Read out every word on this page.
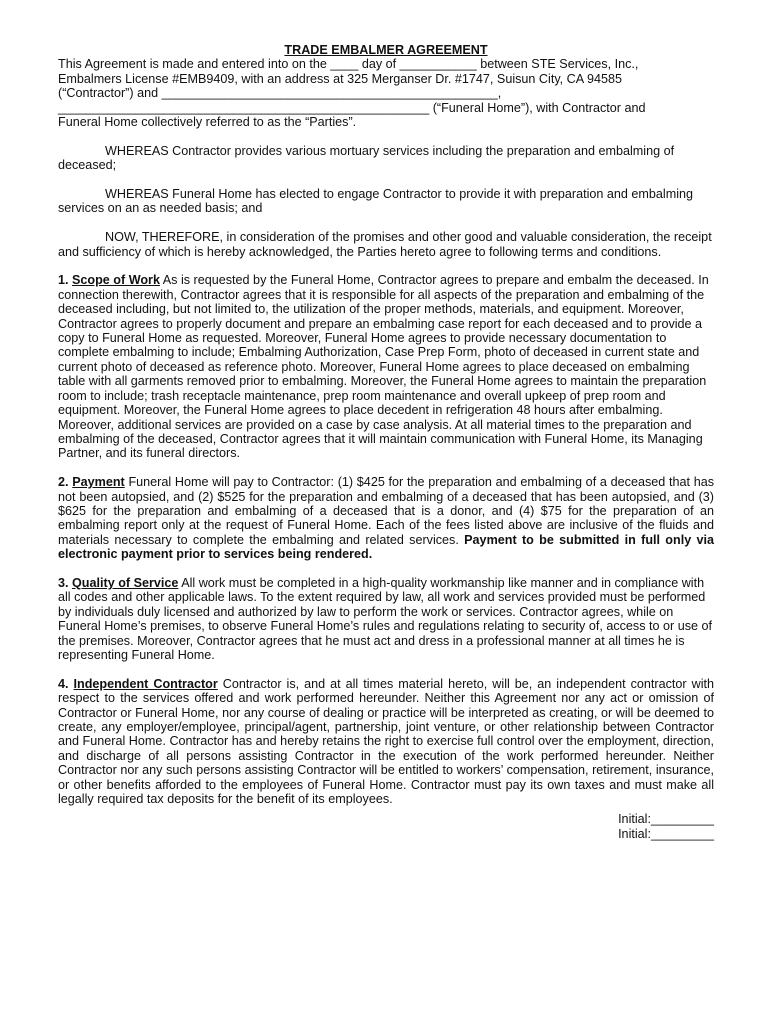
TRADE EMBALMER AGREEMENT

This Agreement is made and entered into on the ____ day of ___________ between STE Services, Inc.,

Embalmers License #EMB9409, with an address at 325 Merganser Dr. #1747, Suisun City, CA 94585

(“Contractor”) and ________________________________________________,

_____________________________________________________ (“Funeral Home”), with Contractor and

Funeral Home collectively referred to as the “Parties”.

WHEREAS Contractor provides various mortuary services including the preparation and embalming of deceased;

WHEREAS Funeral Home has elected to engage Contractor to provide it with preparation and embalming services on an as needed basis; and

NOW, THEREFORE, in consideration of the promises and other good and valuable consideration, the receipt and sufficiency of which is hereby acknowledged, the Parties hereto agree to following terms and conditions.

1. Scope of Work As is requested by the Funeral Home, Contractor agrees to prepare and embalm the deceased. In connection therewith, Contractor agrees that it is responsible for all aspects of the preparation and embalming of the deceased including, but not limited to, the utilization of the proper methods, materials, and equipment. Moreover, Contractor agrees to properly document and prepare an embalming case report for each deceased and to provide a copy to Funeral Home as requested. Moreover, Funeral Home agrees to provide necessary documentation to complete embalming to include; Embalming Authorization, Case Prep Form, photo of deceased in current state and current photo of deceased as reference photo. Moreover, Funeral Home agrees to place deceased on embalming table with all garments removed prior to embalming. Moreover, the Funeral Home agrees to maintain the preparation room to include; trash receptacle maintenance, prep room maintenance and overall upkeep of prep room and equipment. Moreover, the Funeral Home agrees to place decedent in refrigeration 48 hours after embalming. Moreover, additional services are provided on a case by case analysis. At all material times to the preparation and embalming of the deceased, Contractor agrees that it will maintain communication with Funeral Home, its Managing Partner, and its funeral directors.

2. Payment Funeral Home will pay to Contractor: (1) $425 for the preparation and embalming of a deceased that has not been autopsied, and (2) $525 for the preparation and embalming of a deceased that has been autopsied, and (3) $625 for the preparation and embalming of a deceased that is a donor, and (4) $75 for the preparation of an embalming report only at the request of Funeral Home. Each of the fees listed above are inclusive of the fluids and materials necessary to complete the embalming and related services. Payment to be submitted in full only via electronic payment prior to services being rendered.

3. Quality of Service All work must be completed in a high-quality workmanship like manner and in compliance with all codes and other applicable laws. To the extent required by law, all work and services provided must be performed by individuals duly licensed and authorized by law to perform the work or services. Contractor agrees, while on Funeral Home’s premises, to observe Funeral Home’s rules and regulations relating to security of, access to or use of the premises. Moreover, Contractor agrees that he must act and dress in a professional manner at all times he is representing Funeral Home.

4. Independent Contractor Contractor is, and at all times material hereto, will be, an independent contractor with respect to the services offered and work performed hereunder. Neither this Agreement nor any act or omission of Contractor or Funeral Home, nor any course of dealing or practice will be interpreted as creating, or will be deemed to create, any employer/employee, principal/agent, partnership, joint venture, or other relationship between Contractor and Funeral Home. Contractor has and hereby retains the right to exercise full control over the employment, direction, and discharge of all persons assisting Contractor in the execution of the work performed hereunder. Neither Contractor nor any such persons assisting Contractor will be entitled to workers’ compensation, retirement, insurance, or other benefits afforded to the employees of Funeral Home. Contractor must pay its own taxes and must make all legally required tax deposits for the benefit of its employees.

Initial:_________
Initial:_________
